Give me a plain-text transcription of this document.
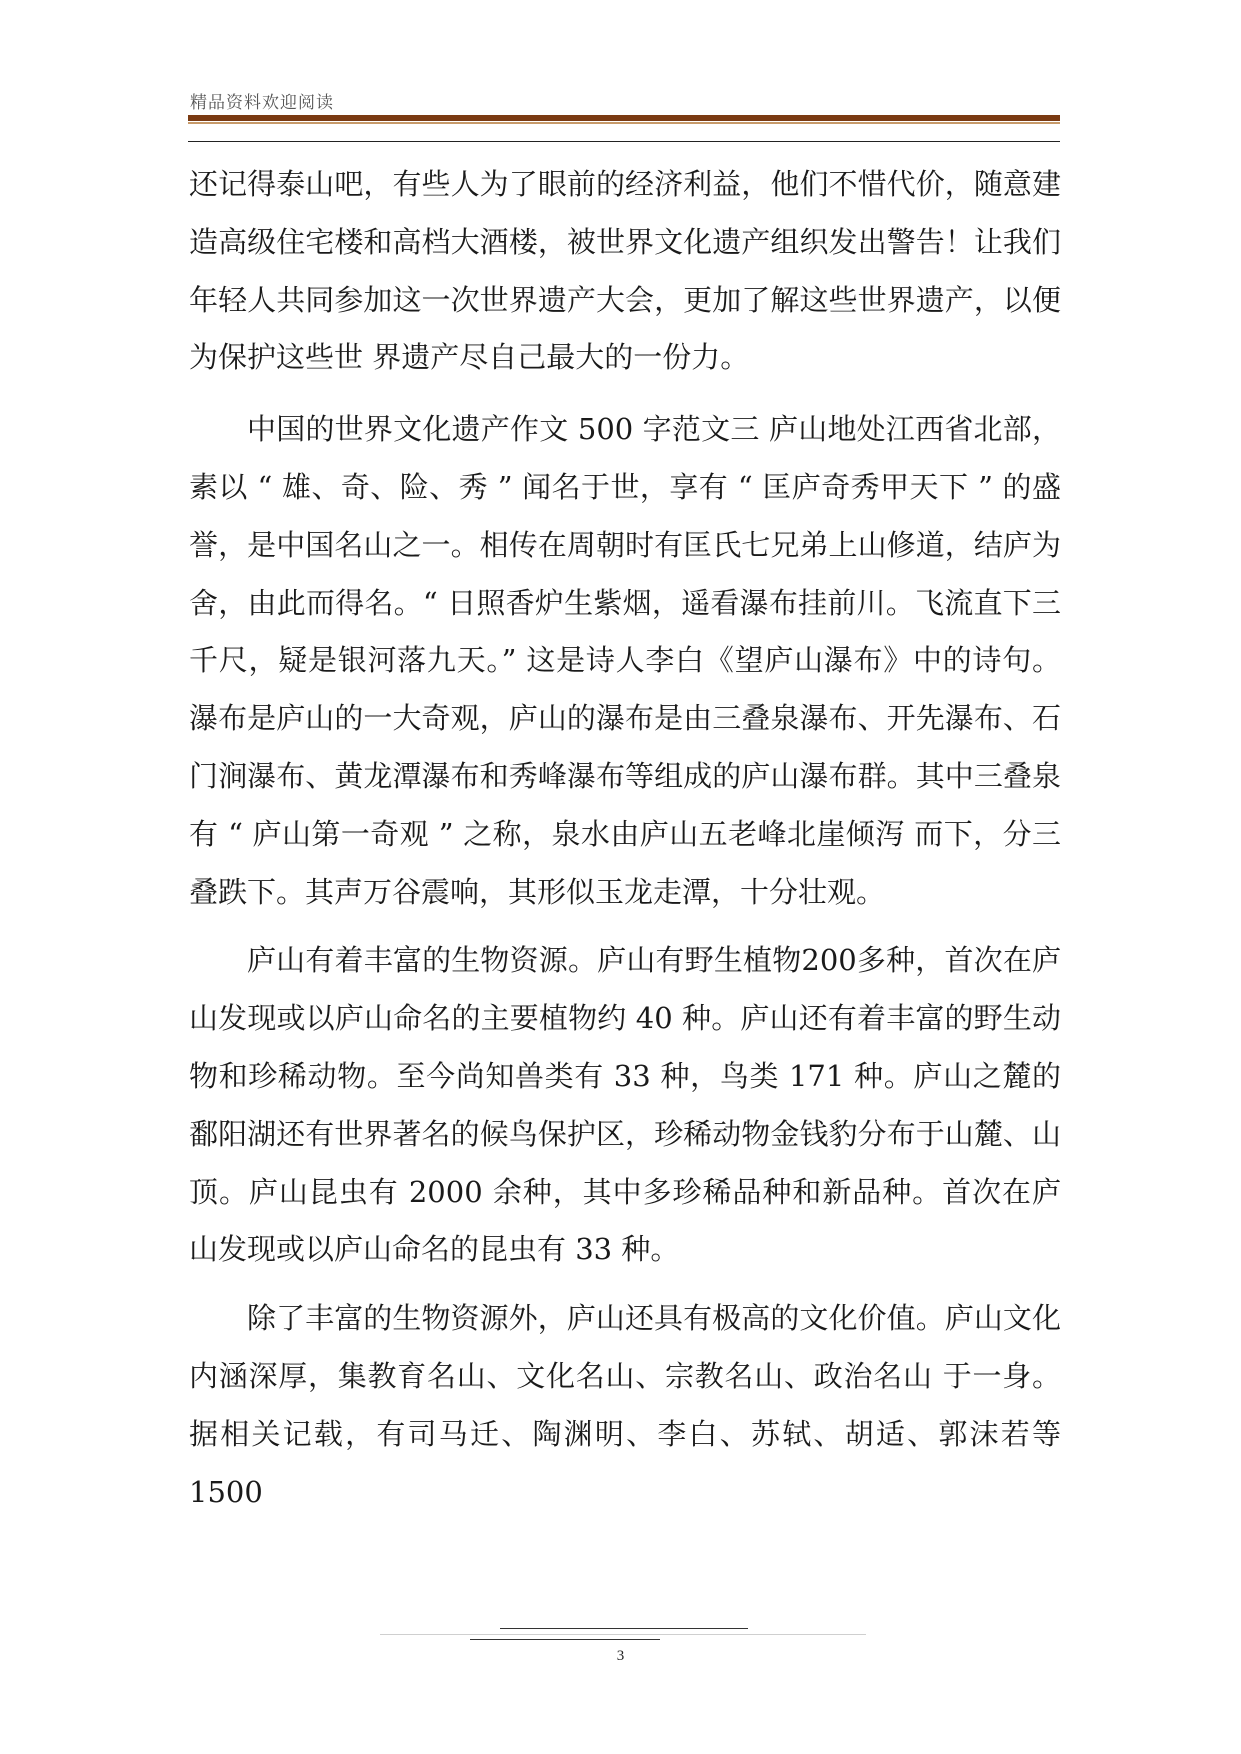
精品资料欢迎阅读

还记得泰山吧，有些人为了眼前的经济利益，他们不惜代价，随意建造高级住宅楼和高档大酒楼，被世界文化遗产组织发出警告！让我们年轻人共同参加这一次世界遗产大会，更加了解这些世界遗产，以便为保护这些世 界遗产尽自己最大的一份力。

中国的世界文化遗产作文 500 字范文三 庐山地处江西省北部，素以 “ 雄、奇、险、秀 ” 闻名于世，享有 “ 匡庐奇秀甲天下 ” 的盛誉，是中国名山之一。相传在周朝时有匡氏七兄弟上山修道，结庐为舍，由此而得名。“ 日照香炉生紫烟，遥看瀑布挂前川。飞流直下三千尺，疑是银河落九天。” 这是诗人李白《望庐山瀑布》中的诗句。瀑布是庐山的一大奇观，庐山的瀑布是由三叠泉瀑布、开先瀑布、石门涧瀑布、黄龙潭瀑布和秀峰瀑布等组成的庐山瀑布群。其中三叠泉有 “ 庐山第一奇观 ” 之称，泉水由庐山五老峰北崖倾泻 而下，分三叠跌下。其声万谷震响，其形似玉龙走潭，十分壮观。

庐山有着丰富的生物资源。庐山有野生植物200多种，首次在庐山发现或以庐山命名的主要植物约 40 种。庐山还有着丰富的野生动物和珍稀动物。至今尚知兽类有 33 种，鸟类 171 种。庐山之麓的鄱阳湖还有世界著名的候鸟保护区，珍稀动物金钱豹分布于山麓、山顶。庐山昆虫有 2000 余种，其中多珍稀品种和新品种。首次在庐山发现或以庐山命名的昆虫有 33 种。

除了丰富的生物资源外，庐山还具有极高的文化价值。庐山文化内涵深厚，集教育名山、文化名山、宗教名山、政治名山 于一身。据相关记载，有司马迁、陶渊明、李白、苏轼、胡适、郭沫若等 1500

3
